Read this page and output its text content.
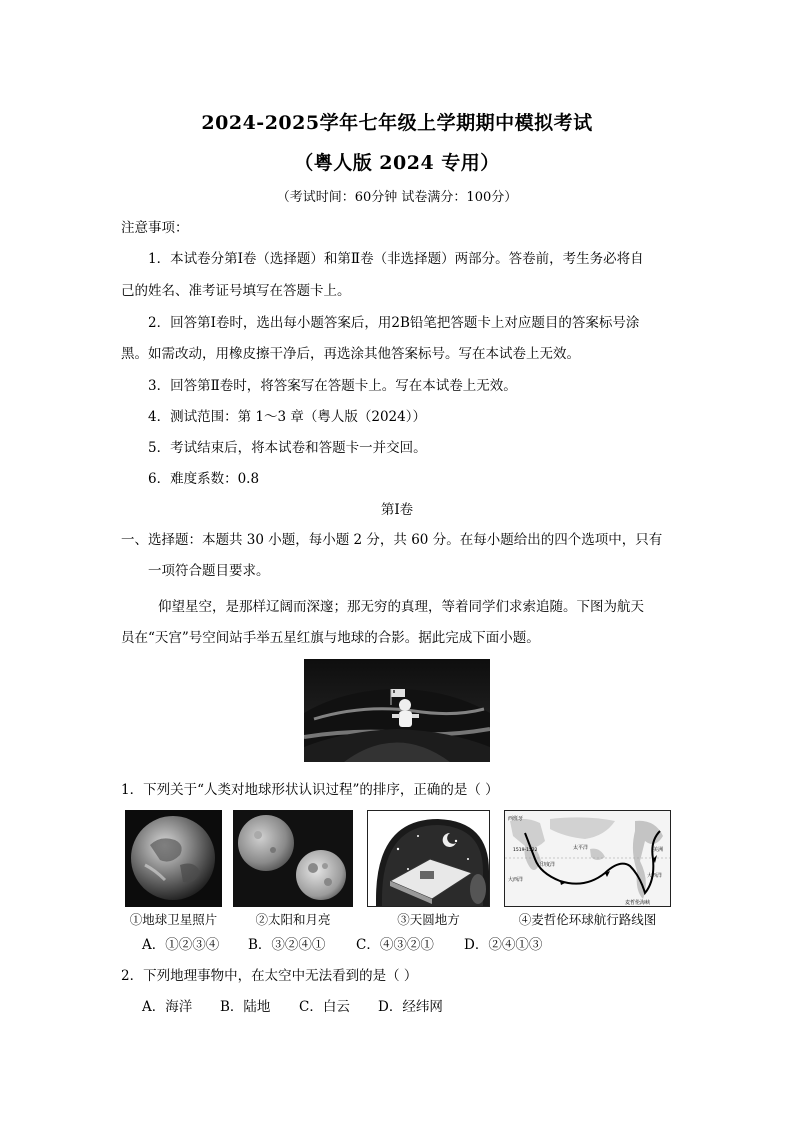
2024-2025学年七年级上学期期中模拟考试
（粤人版 2024 专用）
（考试时间：60分钟 试卷满分：100分）
注意事项：
1．本试卷分第Ⅰ卷（选择题）和第Ⅱ卷（非选择题）两部分。答卷前，考生务必将自
己的姓名、准考证号填写在答题卡上。
2．回答第Ⅰ卷时，选出每小题答案后，用2B铅笔把答题卡上对应题目的答案标号涂
黑。如需改动，用橡皮擦干净后，再选涂其他答案标号。写在本试卷上无效。
3．回答第Ⅱ卷时，将答案写在答题卡上。写在本试卷上无效。
4．测试范围：第 1～3 章（粤人版（2024））
5．考试结束后，将本试卷和答题卡一并交回。
6．难度系数：0.8
第Ⅰ卷
一、选择题：本题共 30 小题，每小题 2 分，共 60 分。在每小题给出的四个选项中，只有
一项符合题目要求。
仰望星空，是那样辽阔而深邃；那无穷的真理，等着同学们求索追随。下图为航天
员在“天宫”号空间站手举五星红旗与地球的合影。据此完成下面小题。
1．下列关于“人类对地球形状认识过程”的排序，正确的是（ ）
①地球卫星照片	②太阳和月亮	③天圆地方
西班牙
太平洋
印度洋
大西洋
麦哲伦海峡
大西洋
美洲
1519-1522
④麦哲伦环球航行路线图
A．①②③④ B．③②④① C．④③②① D．②④①③
2．下列地理事物中，在太空中无法看到的是（ ）
A．海洋 B．陆地 C．白云 D．经纬网
